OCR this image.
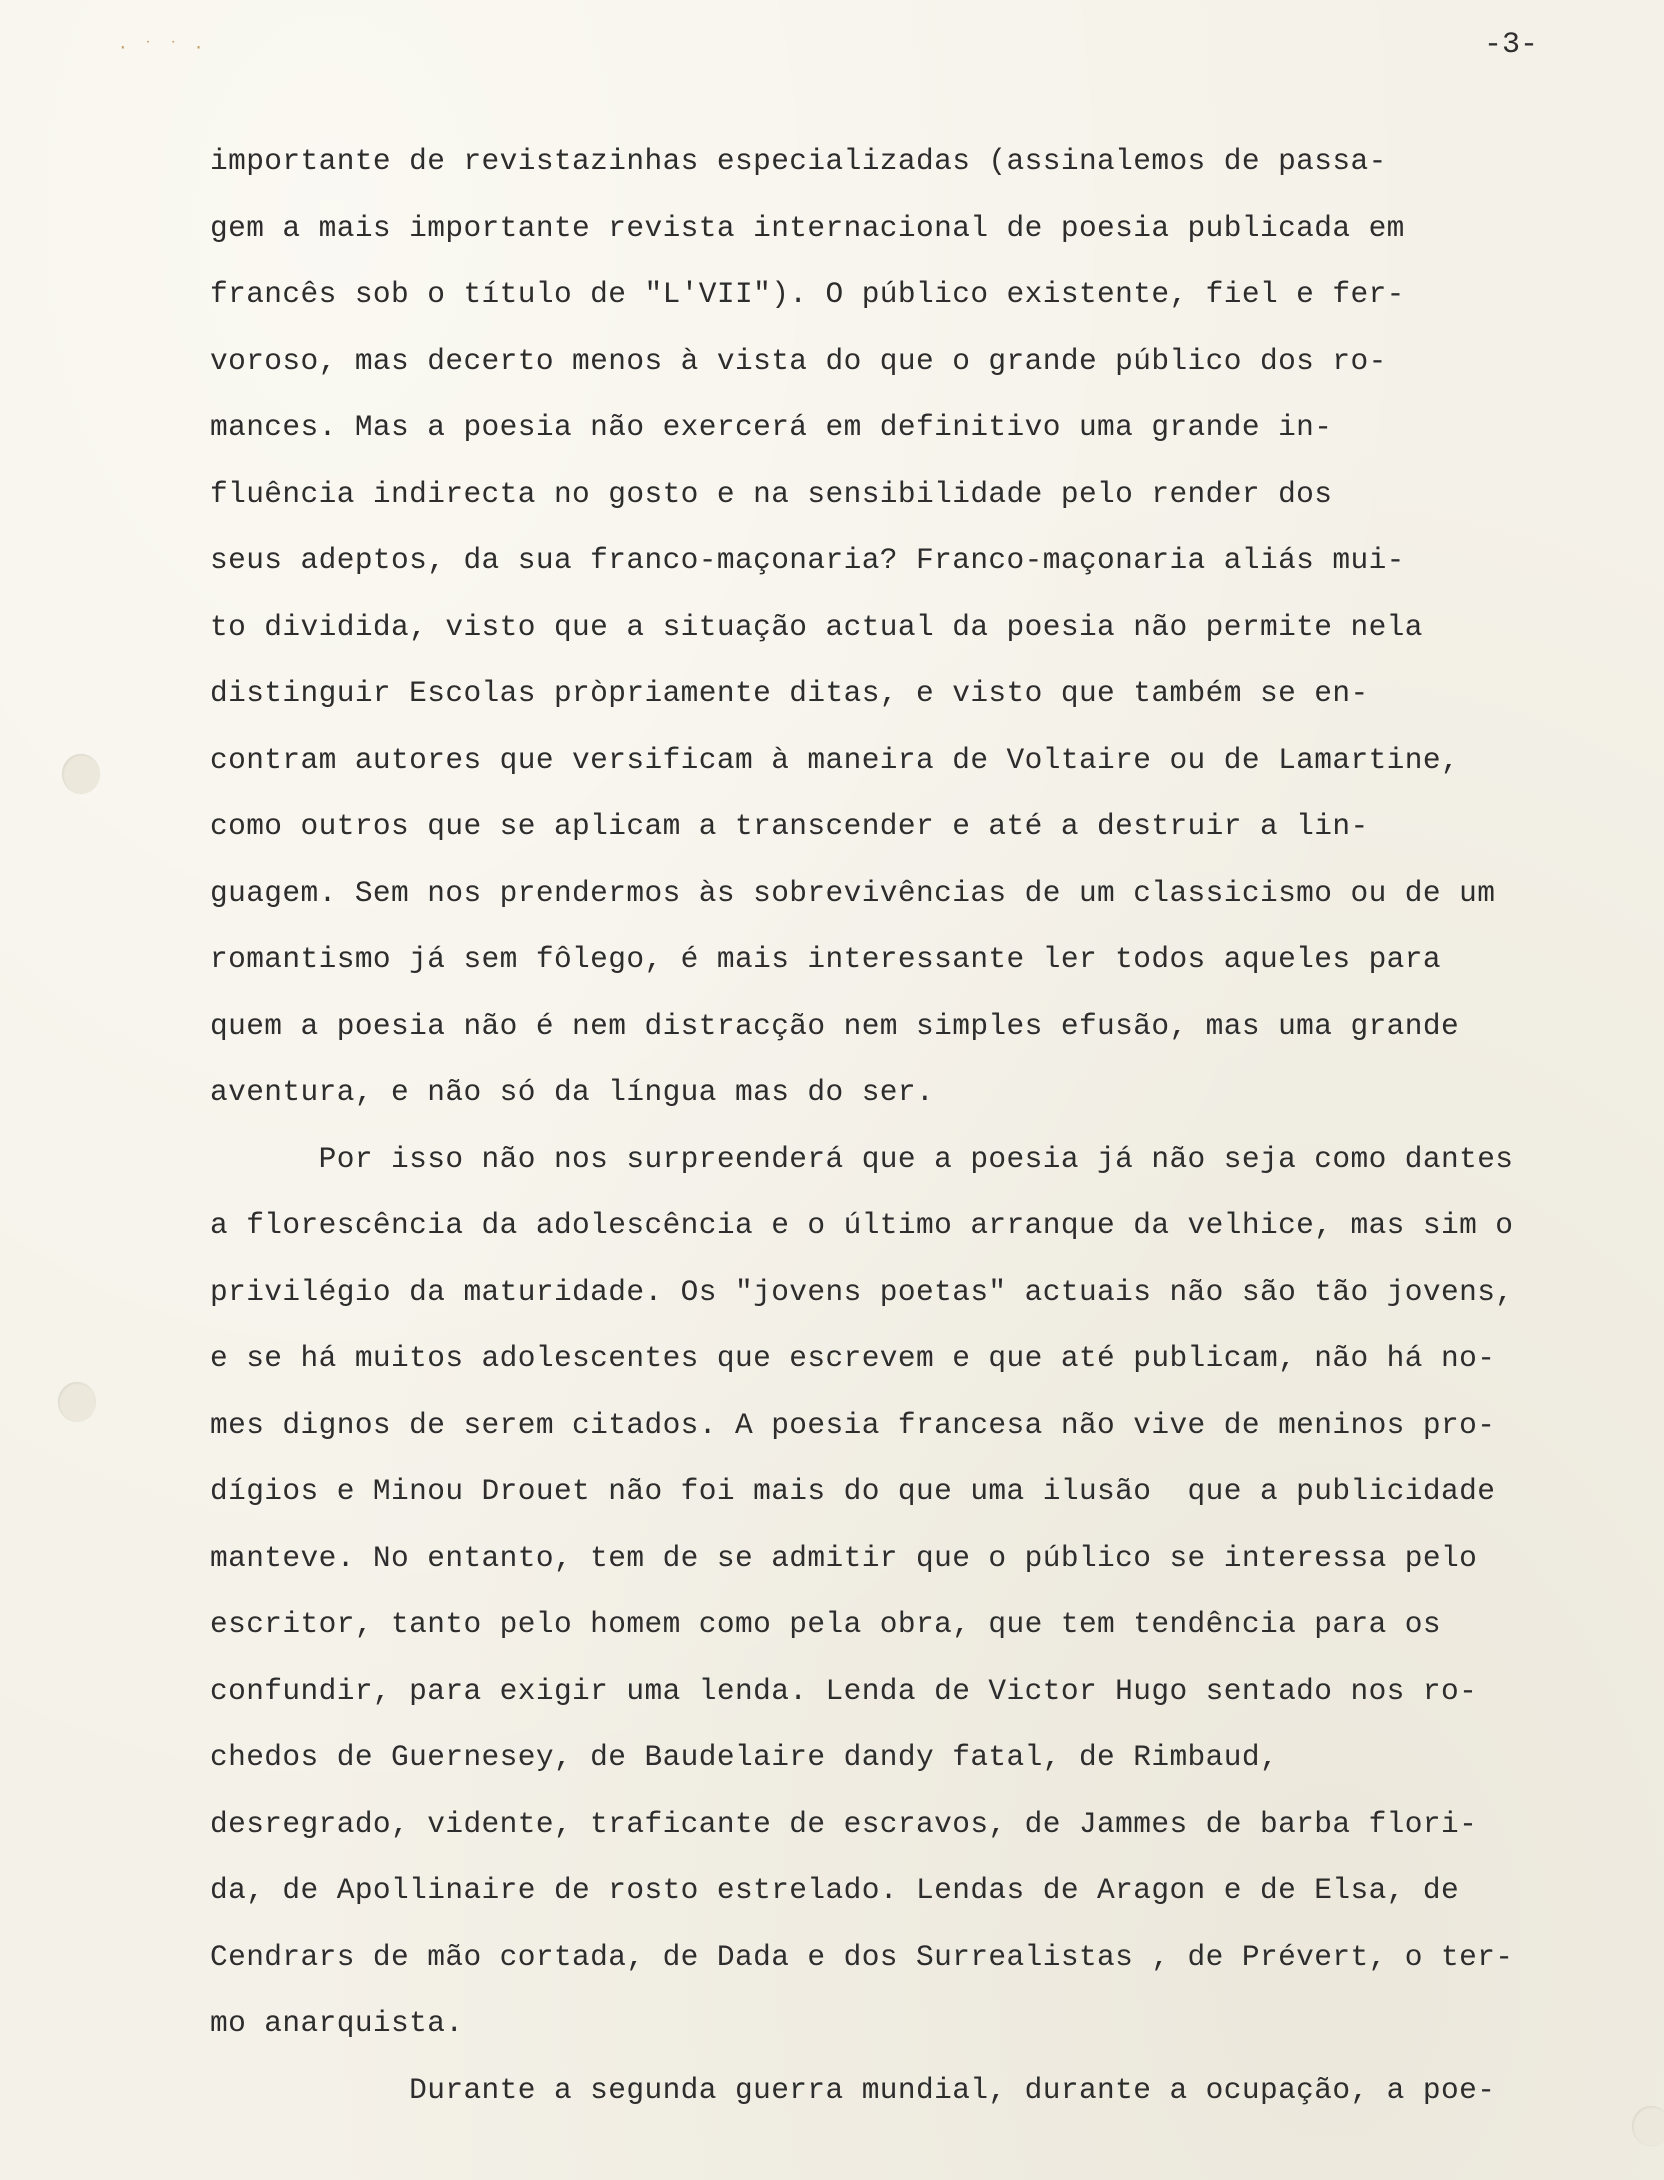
· ˙ ˙ ·	-3-
importante de revistazinhas especializadas (assinalemos de passa-
gem a mais importante revista internacional de poesia publicada em
francês sob o título de "L'VII"). O público existente, fiel e fer-
voroso, mas decerto menos à vista do que o grande público dos ro-
mances. Mas a poesia não exercerá em definitivo uma grande in-
fluência indirecta no gosto e na sensibilidade pelo render dos
seus adeptos, da sua franco-maçonaria? Franco-maçonaria aliás mui-
to dividida, visto que a situação actual da poesia não permite nela
distinguir Escolas pròpriamente ditas, e visto que também se en-
contram autores que versificam à maneira de Voltaire ou de Lamartine,
como outros que se aplicam a transcender e até a destruir a lin-
guagem. Sem nos prendermos às sobrevivências de um classicismo ou de um
romantismo já sem fôlego, é mais interessante ler todos aqueles para
quem a poesia não é nem distracção nem simples efusão, mas uma grande
aventura, e não só da língua mas do ser.
Por isso não nos surpreenderá que a poesia já não seja como dantes
a florescência da adolescência e o último arranque da velhice, mas sim o
privilégio da maturidade. Os "jovens poetas" actuais não são tão jovens,
e se há muitos adolescentes que escrevem e que até publicam, não há no-
mes dignos de serem citados. A poesia francesa não vive de meninos pro-
dígios e Minou Drouet não foi mais do que uma ilusão  que a publicidade
manteve. No entanto, tem de se admitir que o público se interessa pelo
escritor, tanto pelo homem como pela obra, que tem tendência para os
confundir, para exigir uma lenda. Lenda de Victor Hugo sentado nos ro-
chedos de Guernesey, de Baudelaire dandy fatal, de Rimbaud,
desregrado, vidente, traficante de escravos, de Jammes de barba flori-
da, de Apollinaire de rosto estrelado. Lendas de Aragon e de Elsa, de
Cendrars de mão cortada, de Dada e dos Surrealistas , de Prévert, o ter-
mo anarquista.
Durante a segunda guerra mundial, durante a ocupação, a poe-
